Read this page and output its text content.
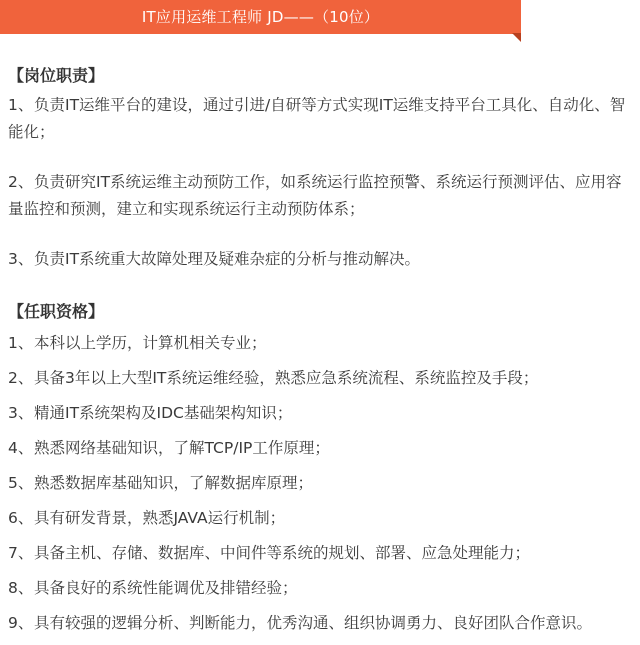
IT应用运维工程师 JD——（10位）
【岗位职责】
1、负责IT运维平台的建设，通过引进/自研等方式实现IT运维支持平台工具化、自动化、智能化；
2、负责研究IT系统运维主动预防工作，如系统运行监控预警、系统运行预测评估、应用容量监控和预测，建立和实现系统运行主动预防体系；
3、负责IT系统重大故障处理及疑难杂症的分析与推动解决。
【任职资格】
1、本科以上学历，计算机相关专业；
2、具备3年以上大型IT系统运维经验，熟悉应急系统流程、系统监控及手段；
3、精通IT系统架构及IDC基础架构知识；
4、熟悉网络基础知识，了解TCP/IP工作原理；
5、熟悉数据库基础知识，了解数据库原理；
6、具有研发背景，熟悉JAVA运行机制；
7、具备主机、存储、数据库、中间件等系统的规划、部署、应急处理能力；
8、具备良好的系统性能调优及排错经验；
9、具有较强的逻辑分析、判断能力，优秀沟通、组织协调勇力、良好团队合作意识。
